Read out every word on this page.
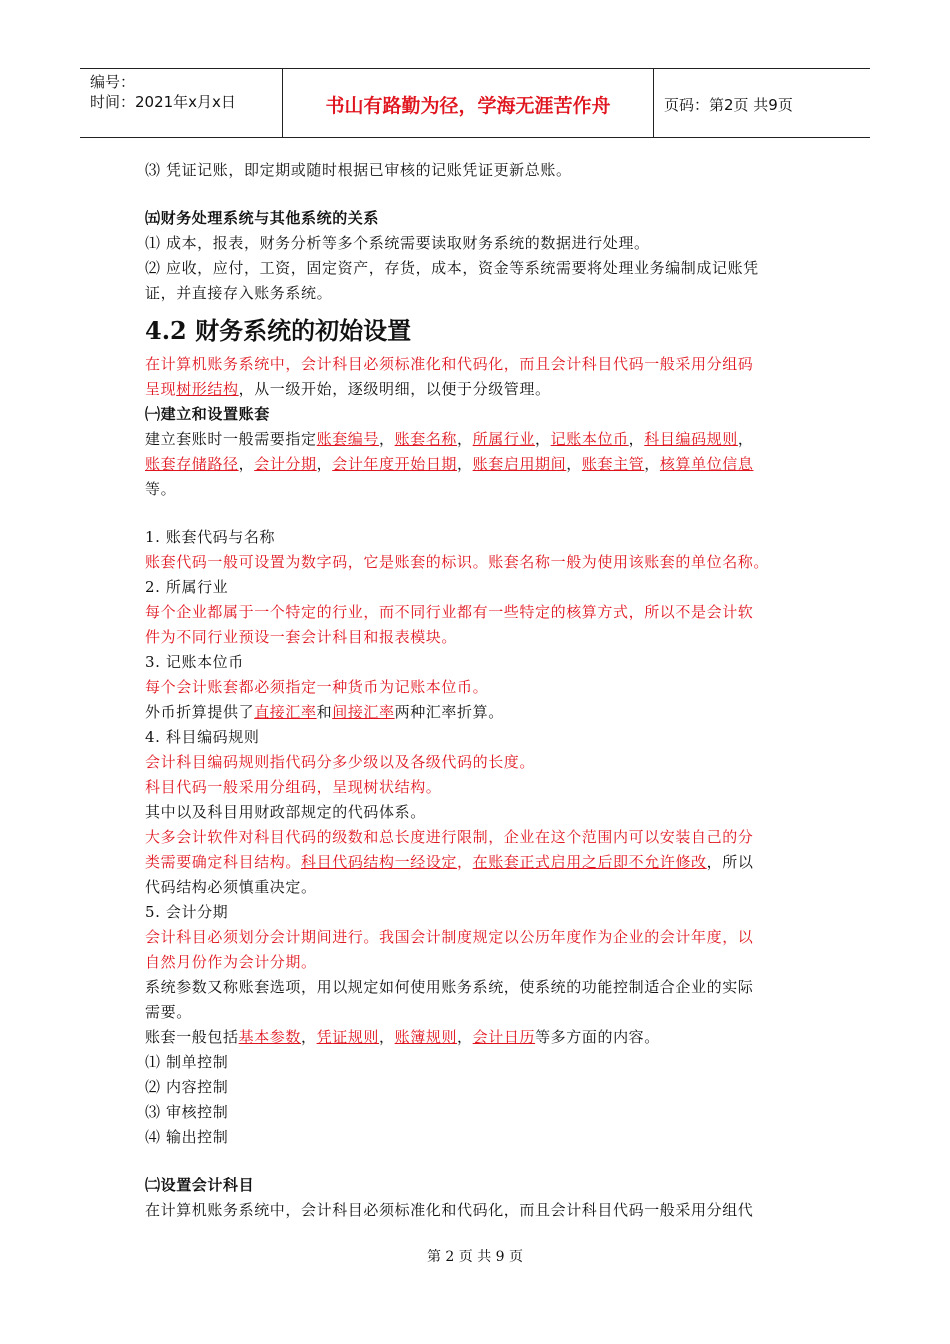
编号：
时间：2021年x月x日	书山有路勤为径，学海无涯苦作舟	页码：第2页 共9页
⑶ 凭证记账，即定期或随时根据已审核的记账凭证更新总账。
㈤财务处理系统与其他系统的关系
⑴ 成本，报表，财务分析等多个系统需要读取财务系统的数据进行处理。
⑵ 应收，应付，工资，固定资产，存货，成本，资金等系统需要将处理业务编制成记账凭
证，并直接存入账务系统。
4.2 财务系统的初始设置
在计算机账务系统中，会计科目必须标准化和代码化，而且会计科目代码一般采用分组码
呈现树形结构，从一级开始，逐级明细，以便于分级管理。
㈠建立和设置账套
建立套账时一般需要指定账套编号，账套名称，所属行业，记账本位币，科目编码规则，
账套存储路径，会计分期，会计年度开始日期，账套启用期间，账套主管，核算单位信息
等。
1. 账套代码与名称
账套代码一般可设置为数字码，它是账套的标识。账套名称一般为使用该账套的单位名称。
2. 所属行业
每个企业都属于一个特定的行业，而不同行业都有一些特定的核算方式，所以不是会计软
件为不同行业预设一套会计科目和报表模块。
3. 记账本位币
每个会计账套都必须指定一种货币为记账本位币。
外币折算提供了直接汇率和间接汇率两种汇率折算。
4. 科目编码规则
会计科目编码规则指代码分多少级以及各级代码的长度。
科目代码一般采用分组码，呈现树状结构。
其中以及科目用财政部规定的代码体系。
大多会计软件对科目代码的级数和总长度进行限制，企业在这个范围内可以安装自己的分
类需要确定科目结构。科目代码结构一经设定，在账套正式启用之后即不允许修改，所以
代码结构必须慎重决定。
5. 会计分期
会计科目必须划分会计期间进行。我国会计制度规定以公历年度作为企业的会计年度，以
自然月份作为会计分期。
系统参数又称账套选项，用以规定如何使用账务系统，使系统的功能控制适合企业的实际
需要。
账套一般包括基本参数，凭证规则，账簿规则，会计日历等多方面的内容。
⑴ 制单控制
⑵ 内容控制
⑶ 审核控制
⑷ 输出控制
㈡设置会计科目
在计算机账务系统中，会计科目必须标准化和代码化，而且会计科目代码一般采用分组代
第 2 页 共 9 页
